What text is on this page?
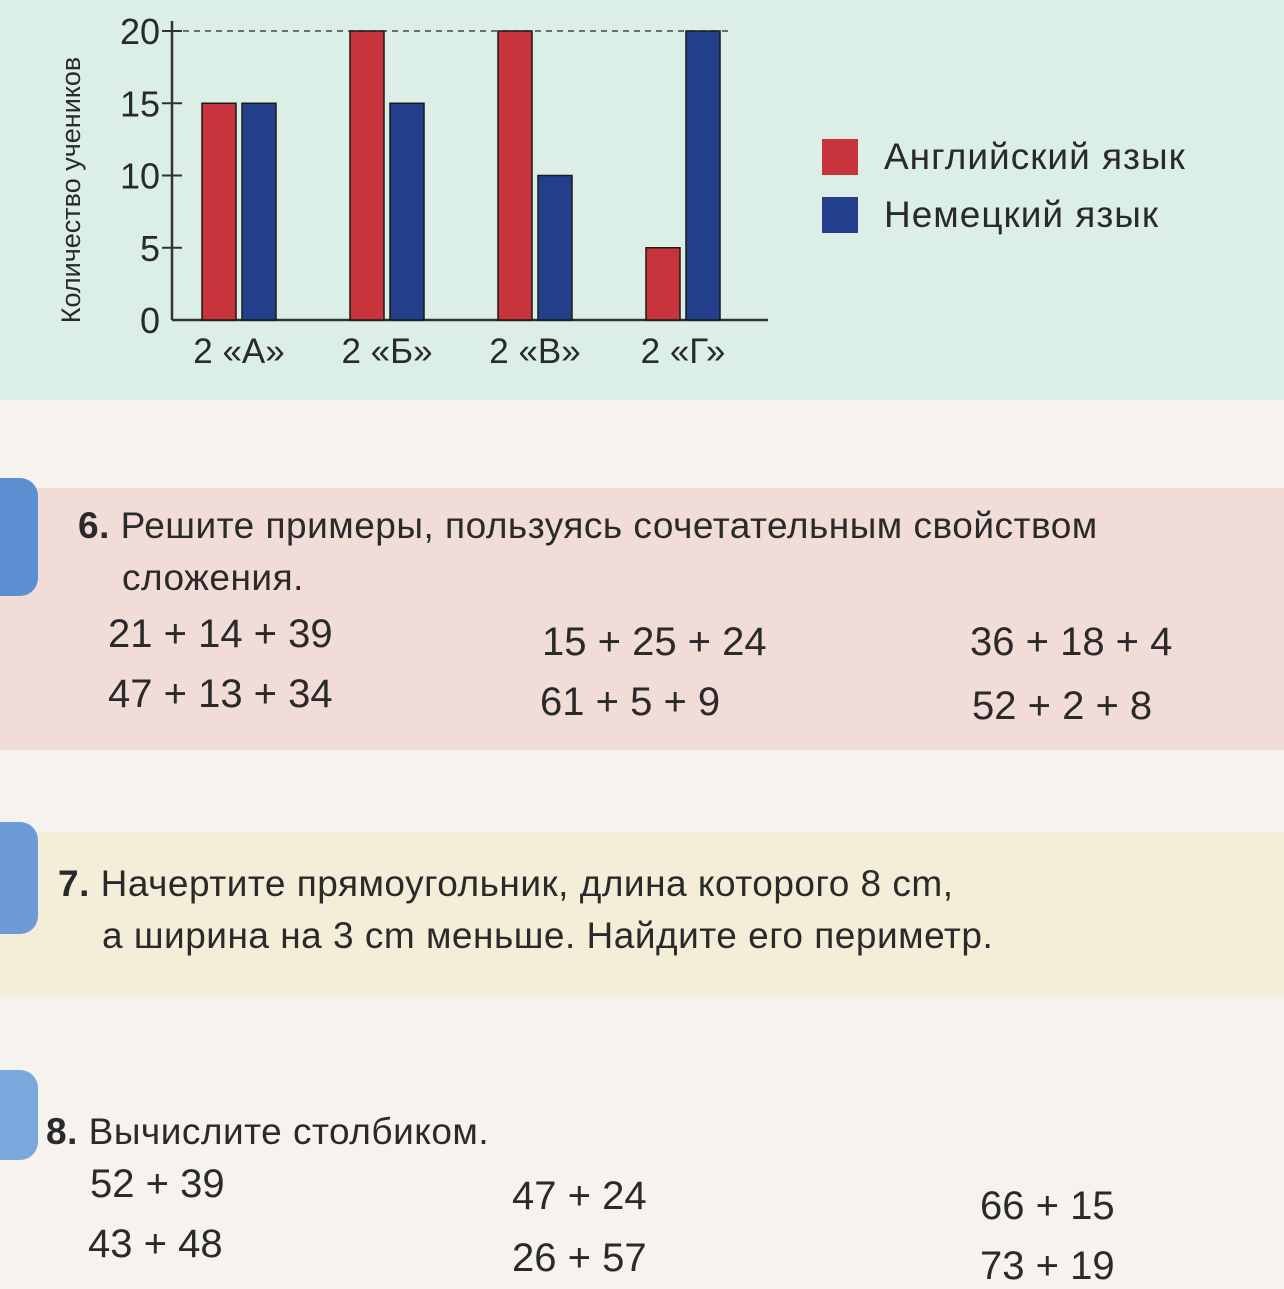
Количество учеников 0
5
10
15
20
2 «А» 2 «Б» 2 «В» 2 «Г»
Английский язык
Немецкий язык
6. Решите примеры, пользуясь сочетательным свойством
сложения.
21 + 14 + 39
47 + 13 + 34
15 + 25 + 24
61 + 5 + 9
36 + 18 + 4
52 + 2 + 8
7. Начертите прямоугольник, длина которого 8 cm,
а ширина на 3 cm меньше. Найдите его периметр.
8. Вычислите столбиком.
52 + 39
43 + 48
47 + 24
26 + 57
66 + 15
73 + 19
